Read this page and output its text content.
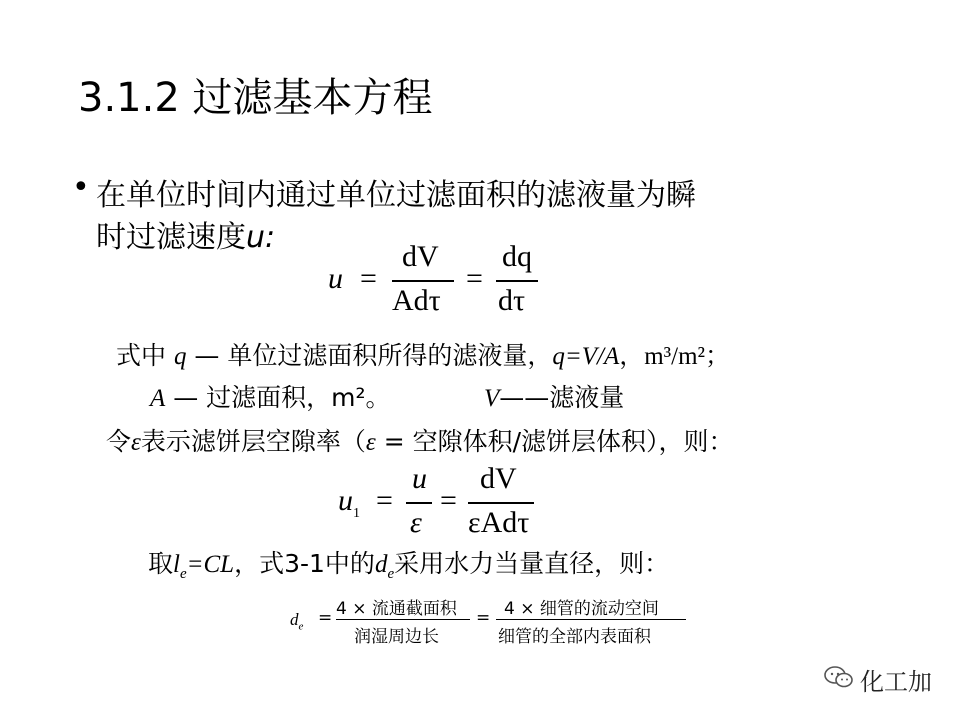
3.1.2 过滤基本方程
• 在单位时间内通过单位过滤面积的滤液量为瞬
时过滤速度u:
u =
dV
Adτ
=
dq
dτ
式中 q — 单位过滤面积所得的滤液量，q=V/A，m³/m²；
A — 过滤面积，m²。	V——滤液量
令ε表示滤饼层空隙率（ε = 空隙体积/滤饼层体积），则：
$u_1$ =
u
ε
=
dV
εAdτ
取$l_e=CL$，式3-1中的$d_e$采用水力当量直径，则：
$d_e = 4$ × 流通截面积
润湿周边长
= 4 × 细管的流动空间
细管的全部内表面积
化工加
